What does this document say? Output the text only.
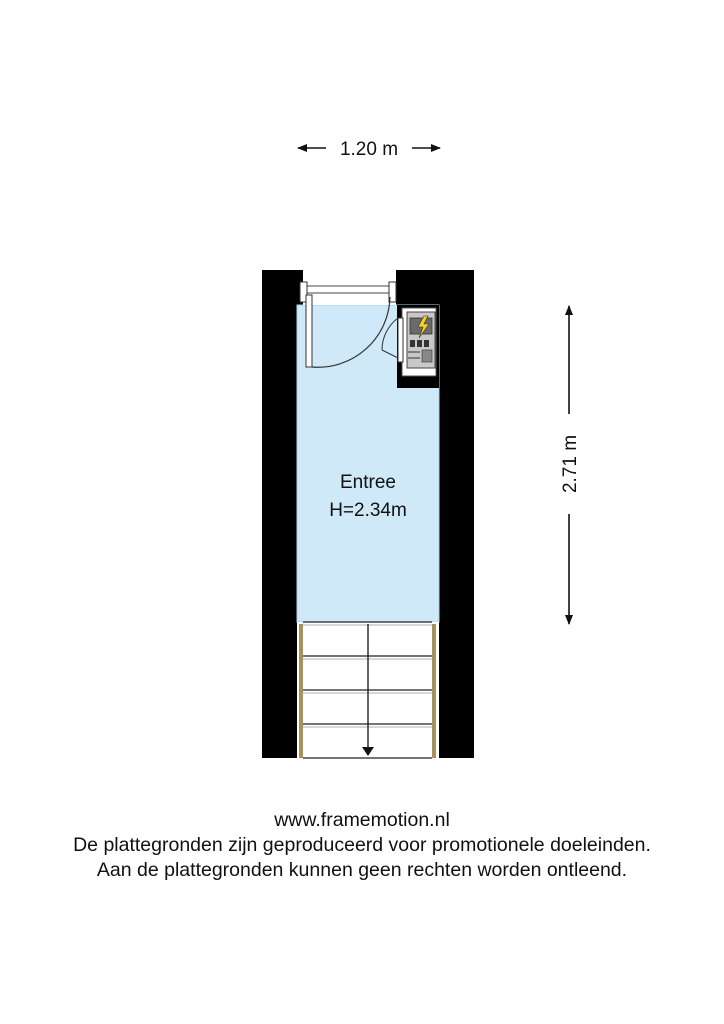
1.20 m
2.71 m
Entree
H=2.34m
www.framemotion.nl
De plattegronden zijn geproduceerd voor promotionele doeleinden.
Aan de plattegronden kunnen geen rechten worden ontleend.
